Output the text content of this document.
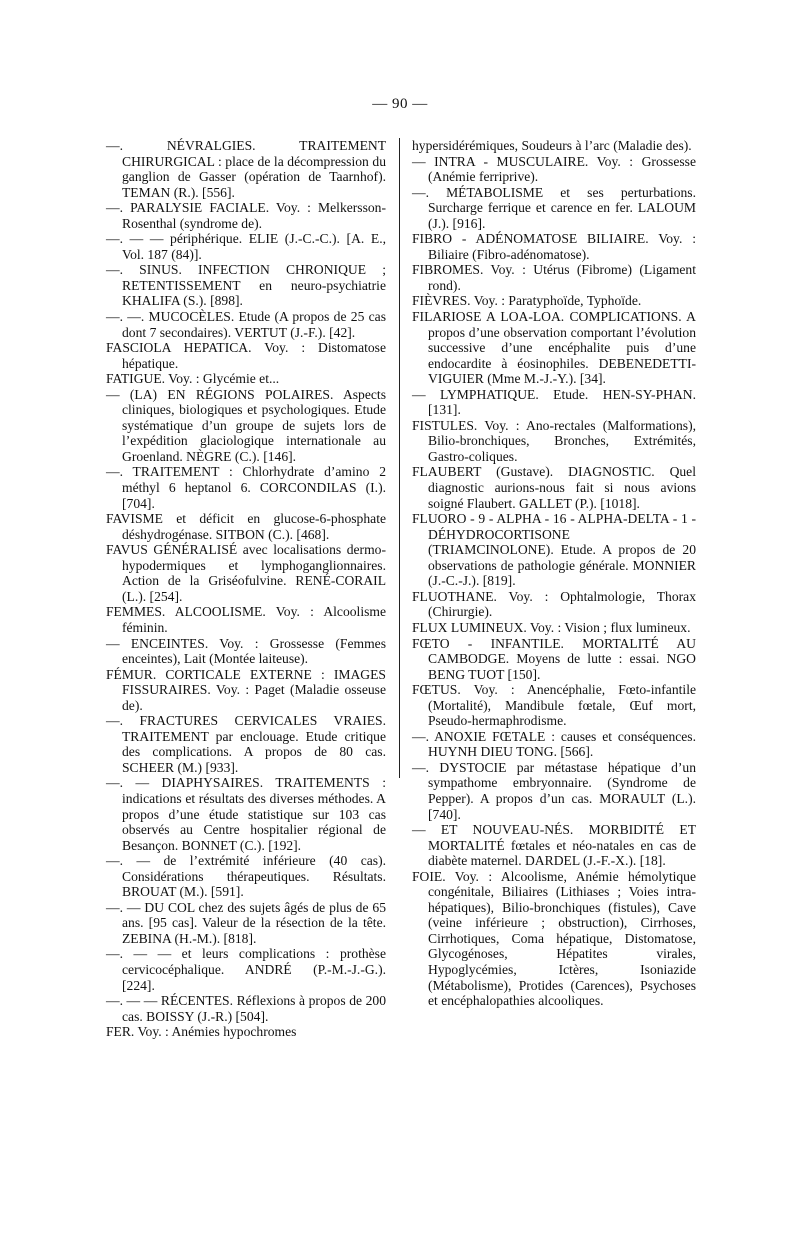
— 90 —

—. NÉVRALGIES. TRAITEMENT CHIRURGICAL : place de la décompression du ganglion de Gasser (opération de Taarnhof). TEMAN (R.). [556].

—. PARALYSIE FACIALE. Voy. : Melkersson-Rosenthal (syndrome de).

—. — — périphérique. ELIE (J.-C.-C.). [A. E., Vol. 187 (84)].

—. SINUS. INFECTION CHRONIQUE ; RETENTISSEMENT en neuro-psychiatrie KHALIFA (S.). [898].

—. —. MUCOCÈLES. Etude (A propos de 25 cas dont 7 secondaires). VERTUT (J.-F.). [42].

FASCIOLA HEPATICA. Voy. : Distomatose hépatique.

FATIGUE. Voy. : Glycémie et...

— (LA) EN RÉGIONS POLAIRES. Aspects cliniques, biologiques et psychologiques. Etude systématique d’un groupe de sujets lors de l’expédition glaciologique internationale au Groenland. NÈGRE (C.). [146].

—. TRAITEMENT : Chlorhydrate d’amino 2 méthyl 6 heptanol 6. CORCONDILAS (I.). [704].

FAVISME et déficit en glucose-6-phosphate déshydrogénase. SITBON (C.). [468].

FAVUS GÉNÉRALISÉ avec localisations dermo-hypodermiques et lymphoganglionnaires. Action de la Griséofulvine. RENÉ-CORAIL (L.). [254].

FEMMES. ALCOOLISME. Voy. : Alcoolisme féminin.

— ENCEINTES. Voy. : Grossesse (Femmes enceintes), Lait (Montée laiteuse).

FÉMUR. CORTICALE EXTERNE : IMAGES FISSURAIRES. Voy. : Paget (Maladie osseuse de).

—. FRACTURES CERVICALES VRAIES. TRAITEMENT par enclouage. Etude critique des complications. A propos de 80 cas. SCHEER (M.) [933].

—. — DIAPHYSAIRES. TRAITEMENTS : indications et résultats des diverses méthodes. A propos d’une étude statistique sur 103 cas observés au Centre hospitalier régional de Besançon. BONNET (C.). [192].

—. — de l’extrémité inférieure (40 cas). Considérations thérapeutiques. Résultats. BROUAT (M.). [591].

—. — DU COL chez des sujets âgés de plus de 65 ans. [95 cas]. Valeur de la résection de la tête. ZEBINA (H.-M.). [818].

—. — — et leurs complications : prothèse cervicocéphalique. ANDRÉ (P.-M.-J.-G.). [224].

—. — — RÉCENTES. Réflexions à propos de 200 cas. BOISSY (J.-R.) [504].

FER. Voy. : Anémies hypochromes

hypersidérémiques, Soudeurs à l’arc (Maladie des).

— INTRA - MUSCULAIRE. Voy. : Grossesse (Anémie ferriprive).

—. MÉTABOLISME et ses perturbations. Surcharge ferrique et carence en fer. LALOUM (J.). [916].

FIBRO - ADÉNOMATOSE BILIAIRE. Voy. : Biliaire (Fibro-adénomatose).

FIBROMES. Voy. : Utérus (Fibrome) (Ligament rond).

FIÈVRES. Voy. : Paratyphoïde, Typhoïde.

FILARIOSE A LOA-LOA. COMPLICATIONS. A propos d’une observation comportant l’évolution successive d’une encéphalite puis d’une endocardite à éosinophiles. DEBENEDETTI-VIGUIER (Mme M.-J.-Y.). [34].

— LYMPHATIQUE. Etude. HEN-SY-PHAN. [131].

FISTULES. Voy. : Ano-rectales (Malformations), Bilio-bronchiques, Bronches, Extrémités, Gastro-coliques.

FLAUBERT (Gustave). DIAGNOSTIC. Quel diagnostic aurions-nous fait si nous avions soigné Flaubert. GALLET (P.). [1018].

FLUORO - 9 - ALPHA - 16 - ALPHA-DELTA - 1 - DÉHYDROCORTISONE (TRIAMCINOLONE). Etude. A propos de 20 observations de pathologie générale. MONNIER (J.-C.-J.). [819].

FLUOTHANE. Voy. : Ophtalmologie, Thorax (Chirurgie).

FLUX LUMINEUX. Voy. : Vision ; flux lumineux.

FŒTO - INFANTILE. MORTALITÉ AU CAMBODGE. Moyens de lutte : essai. NGO BENG TUOT [150].

FŒTUS. Voy. : Anencéphalie, Fœto-infantile (Mortalité), Mandibule fœtale, Œuf mort, Pseudo-hermaphrodisme.

—. ANOXIE FŒTALE : causes et conséquences. HUYNH DIEU TONG. [566].

—. DYSTOCIE par métastase hépatique d’un sympathome embryonnaire. (Syndrome de Pepper). A propos d’un cas. MORAULT (L.). [740].

— ET NOUVEAU-NÉS. MORBIDITÉ ET MORTALITÉ fœtales et néo-natales en cas de diabète maternel. DARDEL (J.-F.-X.). [18].

FOIE. Voy. : Alcoolisme, Anémie hémolytique congénitale, Biliaires (Lithiases ; Voies intra-hépatiques), Bilio-bronchiques (fistules), Cave (veine inférieure ; obstruction), Cirrhoses, Cirrhotiques, Coma hépatique, Distomatose, Glycogénoses, Hépatites virales, Hypoglycémies, Ictères, Isoniazide (Métabolisme), Protides (Carences), Psychoses et encéphalopathies alcooliques.
